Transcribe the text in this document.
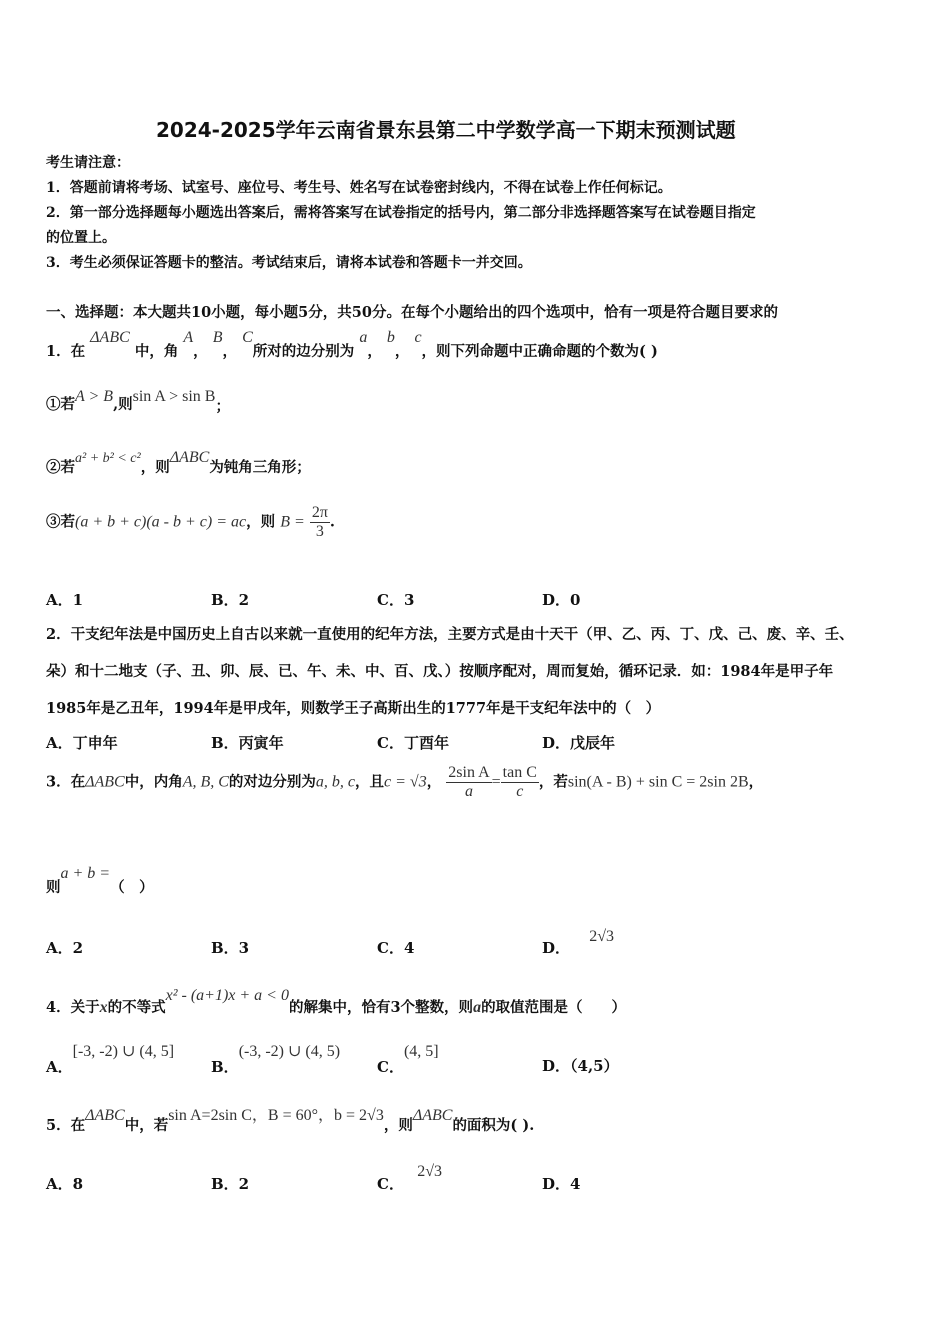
2024-2025学年云南省景东县第二中学数学高一下期末预测试题
考生请注意：
1．答题前请将考场、试室号、座位号、考生号、姓名写在试卷密封线内，不得在试卷上作任何标记。
2．第一部分选择题每小题选出答案后，需将答案写在试卷指定的括号内，第二部分非选择题答案写在试卷题目指定
的位置上。
3．考生必须保证答题卡的整洁。考试结束后，请将本试卷和答题卡一并交回。
一、选择题：本大题共10小题，每小题5分，共50分。在每个小题给出的四个选项中，恰有一项是符合题目要求的
1．在 ΔABC 中，角 A， B， C所对的边分别为 a， b， c，则下列命题中正确命题的个数为( )
①若A > B,则sin A > sin B；
②若a² + b² < c²，则ΔABC为钝角三角形；
③若(a + b + c)(a - b + c) = ac，则 $B = \frac{2\pi}{3}$ .
A．1	B．2	C．3	D．0
2．干支纪年法是中国历史上自古以来就一直使用的纪年方法，主要方式是由十天干（甲、乙、丙、丁、戊、己、废、辛、壬、
朵）和十二地支（子、丑、卯、辰、已、午、未、中、百、戊、）按顺序配对，周而复始，循环记录．如：1984年是甲子年
1985年是乙丑年，1994年是甲戌年，则数学王子高斯出生的1777年是干支纪年法中的（　）
A．丁申年	B．丙寅年	C．丁酉年	D．戊辰年
3．在ΔABC中，内角A, B, C的对边分别为a, b, c，且c = √3， $\frac{\text{2sin A}}{a} = \frac{\text{tan C}}{c}$ ，若sin(A - B) + sin C = 2sin 2B，
则a + b =（　）
A．2	B．3	C．4	D． 2√3
4．关于x的不等式x² - (a+1)x + a < 0的解集中，恰有3个整数，则a的取值范围是（　　）
A．[-3, -2) ∪ (4, 5]
B．(-3, -2) ∪ (4, 5)
C．(4, 5]
D．（4,5）
5．在ΔABC中，若sin A=2sin C，B = 60°，b = 2√3，则ΔABC的面积为( ).
A．8	B．2	C． 2√3
D．4
